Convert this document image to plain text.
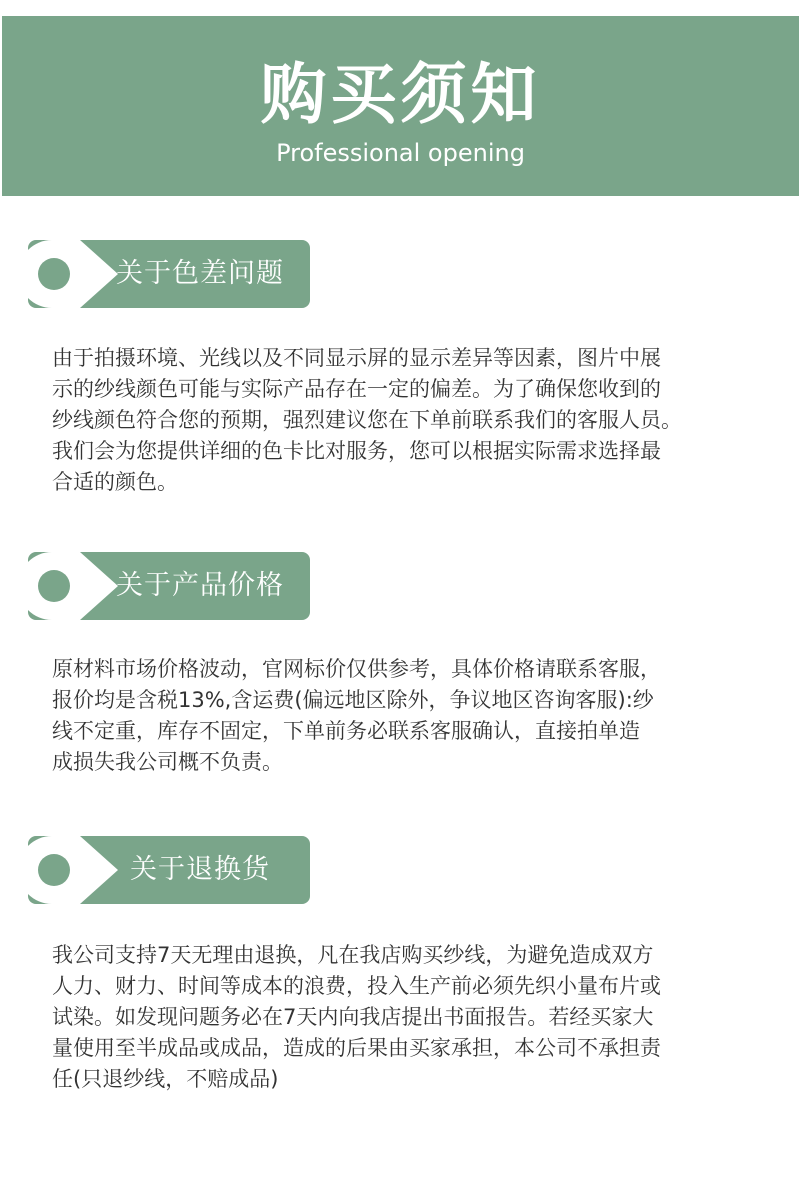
购买须知
Professional opening
关于色差问题
由于拍摄环境、光线以及不同显示屏的显示差异等因素，图片中展
示的纱线颜色可能与实际产品存在一定的偏差。为了确保您收到的
纱线颜色符合您的预期，强烈建议您在下单前联系我们的客服人员。
我们会为您提供详细的色卡比对服务，您可以根据实际需求选择最
合适的颜色。
关于产品价格
原材料市场价格波动，官网标价仅供参考，具体价格请联系客服，
报价均是含税13%,含运费(偏远地区除外，争议地区咨询客服):纱
线不定重，库存不固定，下单前务必联系客服确认，直接拍单造
成损失我公司概不负责。
关于退换货
我公司支持7天无理由退换，凡在我店购买纱线，为避免造成双方
人力、财力、时间等成本的浪费，投入生产前必须先织小量布片或
试染。如发现问题务必在7天内向我店提出书面报告。若经买家大
量使用至半成品或成品，造成的后果由买家承担，本公司不承担责
任(只退纱线，不赔成品)
